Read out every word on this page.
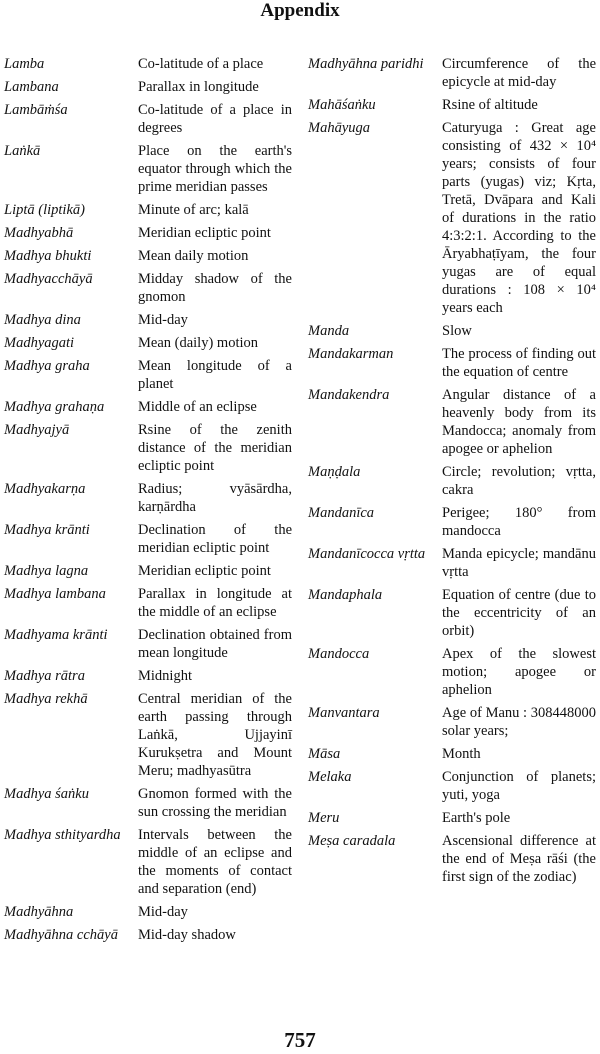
Appendix
Lamba	Co-latitude of a place
Lambana	Parallax in longitude
Lambāṁśa	Co-latitude of a place in degrees
Laṅkā	Place on the earth's equator through which the prime meridian passes
Liptā (liptikā)	Minute of arc; kalā
Madhyabhā	Meridian ecliptic point
Madhya bhukti	Mean daily motion
Madhyacchāyā	Midday shadow of the gnomon
Madhya dina	Mid-day
Madhyagati	Mean (daily) motion
Madhya graha	Mean longitude of a planet
Madhya grahaṇa	Middle of an eclipse
Madhyajyā	Rsine of the zenith distance of the meridian ecliptic point
Madhyakarṇa	Radius; vyāsārdha, karṇārdha
Madhya krānti	Declination of the meridian ecliptic point
Madhya lagna	Meridian ecliptic point
Madhya lambana	Parallax in longitude at the middle of an eclipse
Madhyama krānti	Declination obtained from mean longitude
Madhya rātra	Midnight
Madhya rekhā	Central meridian of the earth passing through Laṅkā, Ujjayinī Kurukṣetra and Mount Meru; madhyasūtra
Madhya śaṅku	Gnomon formed with the sun crossing the meridian
Madhya sthityardha	Intervals between the middle of an eclipse and the moments of contact and separation (end)
Madhyāhna	Mid-day
Madhyāhna cchāyā	Mid-day shadow
Madhyāhna paridhi	Circumference of the epicycle at mid-day
Mahāśaṅku	Rsine of altitude
Mahāyuga	Caturyuga : Great age consisting of 432 × 10⁴ years; consists of four parts (yugas) viz; Kṛta, Tretā, Dvāpara and Kali of durations in the ratio 4:3:2:1. According to the Āryabhaṭīyam, the four yugas are of equal durations : 108 × 10⁴ years each
Manda	Slow
Mandakarman	The process of finding out the equation of centre
Mandakendra	Angular distance of a heavenly body from its Mandocca; anomaly from apogee or aphelion
Maṇḍala	Circle; revolution; vṛtta, cakra
Mandanīca	Perigee; 180° from mandocca
Mandanīcocca vṛtta	Manda epicycle; mandānu vṛtta
Mandaphala	Equation of centre (due to the eccentricity of an orbit)
Mandocca	Apex of the slowest motion; apogee or aphelion
Manvantara	Age of Manu : 308448000 solar years;
Māsa	Month
Melaka	Conjunction of planets; yuti, yoga
Meru	Earth's pole
Meṣa caradala	Ascensional difference at the end of Meṣa rāśi (the first sign of the zodiac)
757
